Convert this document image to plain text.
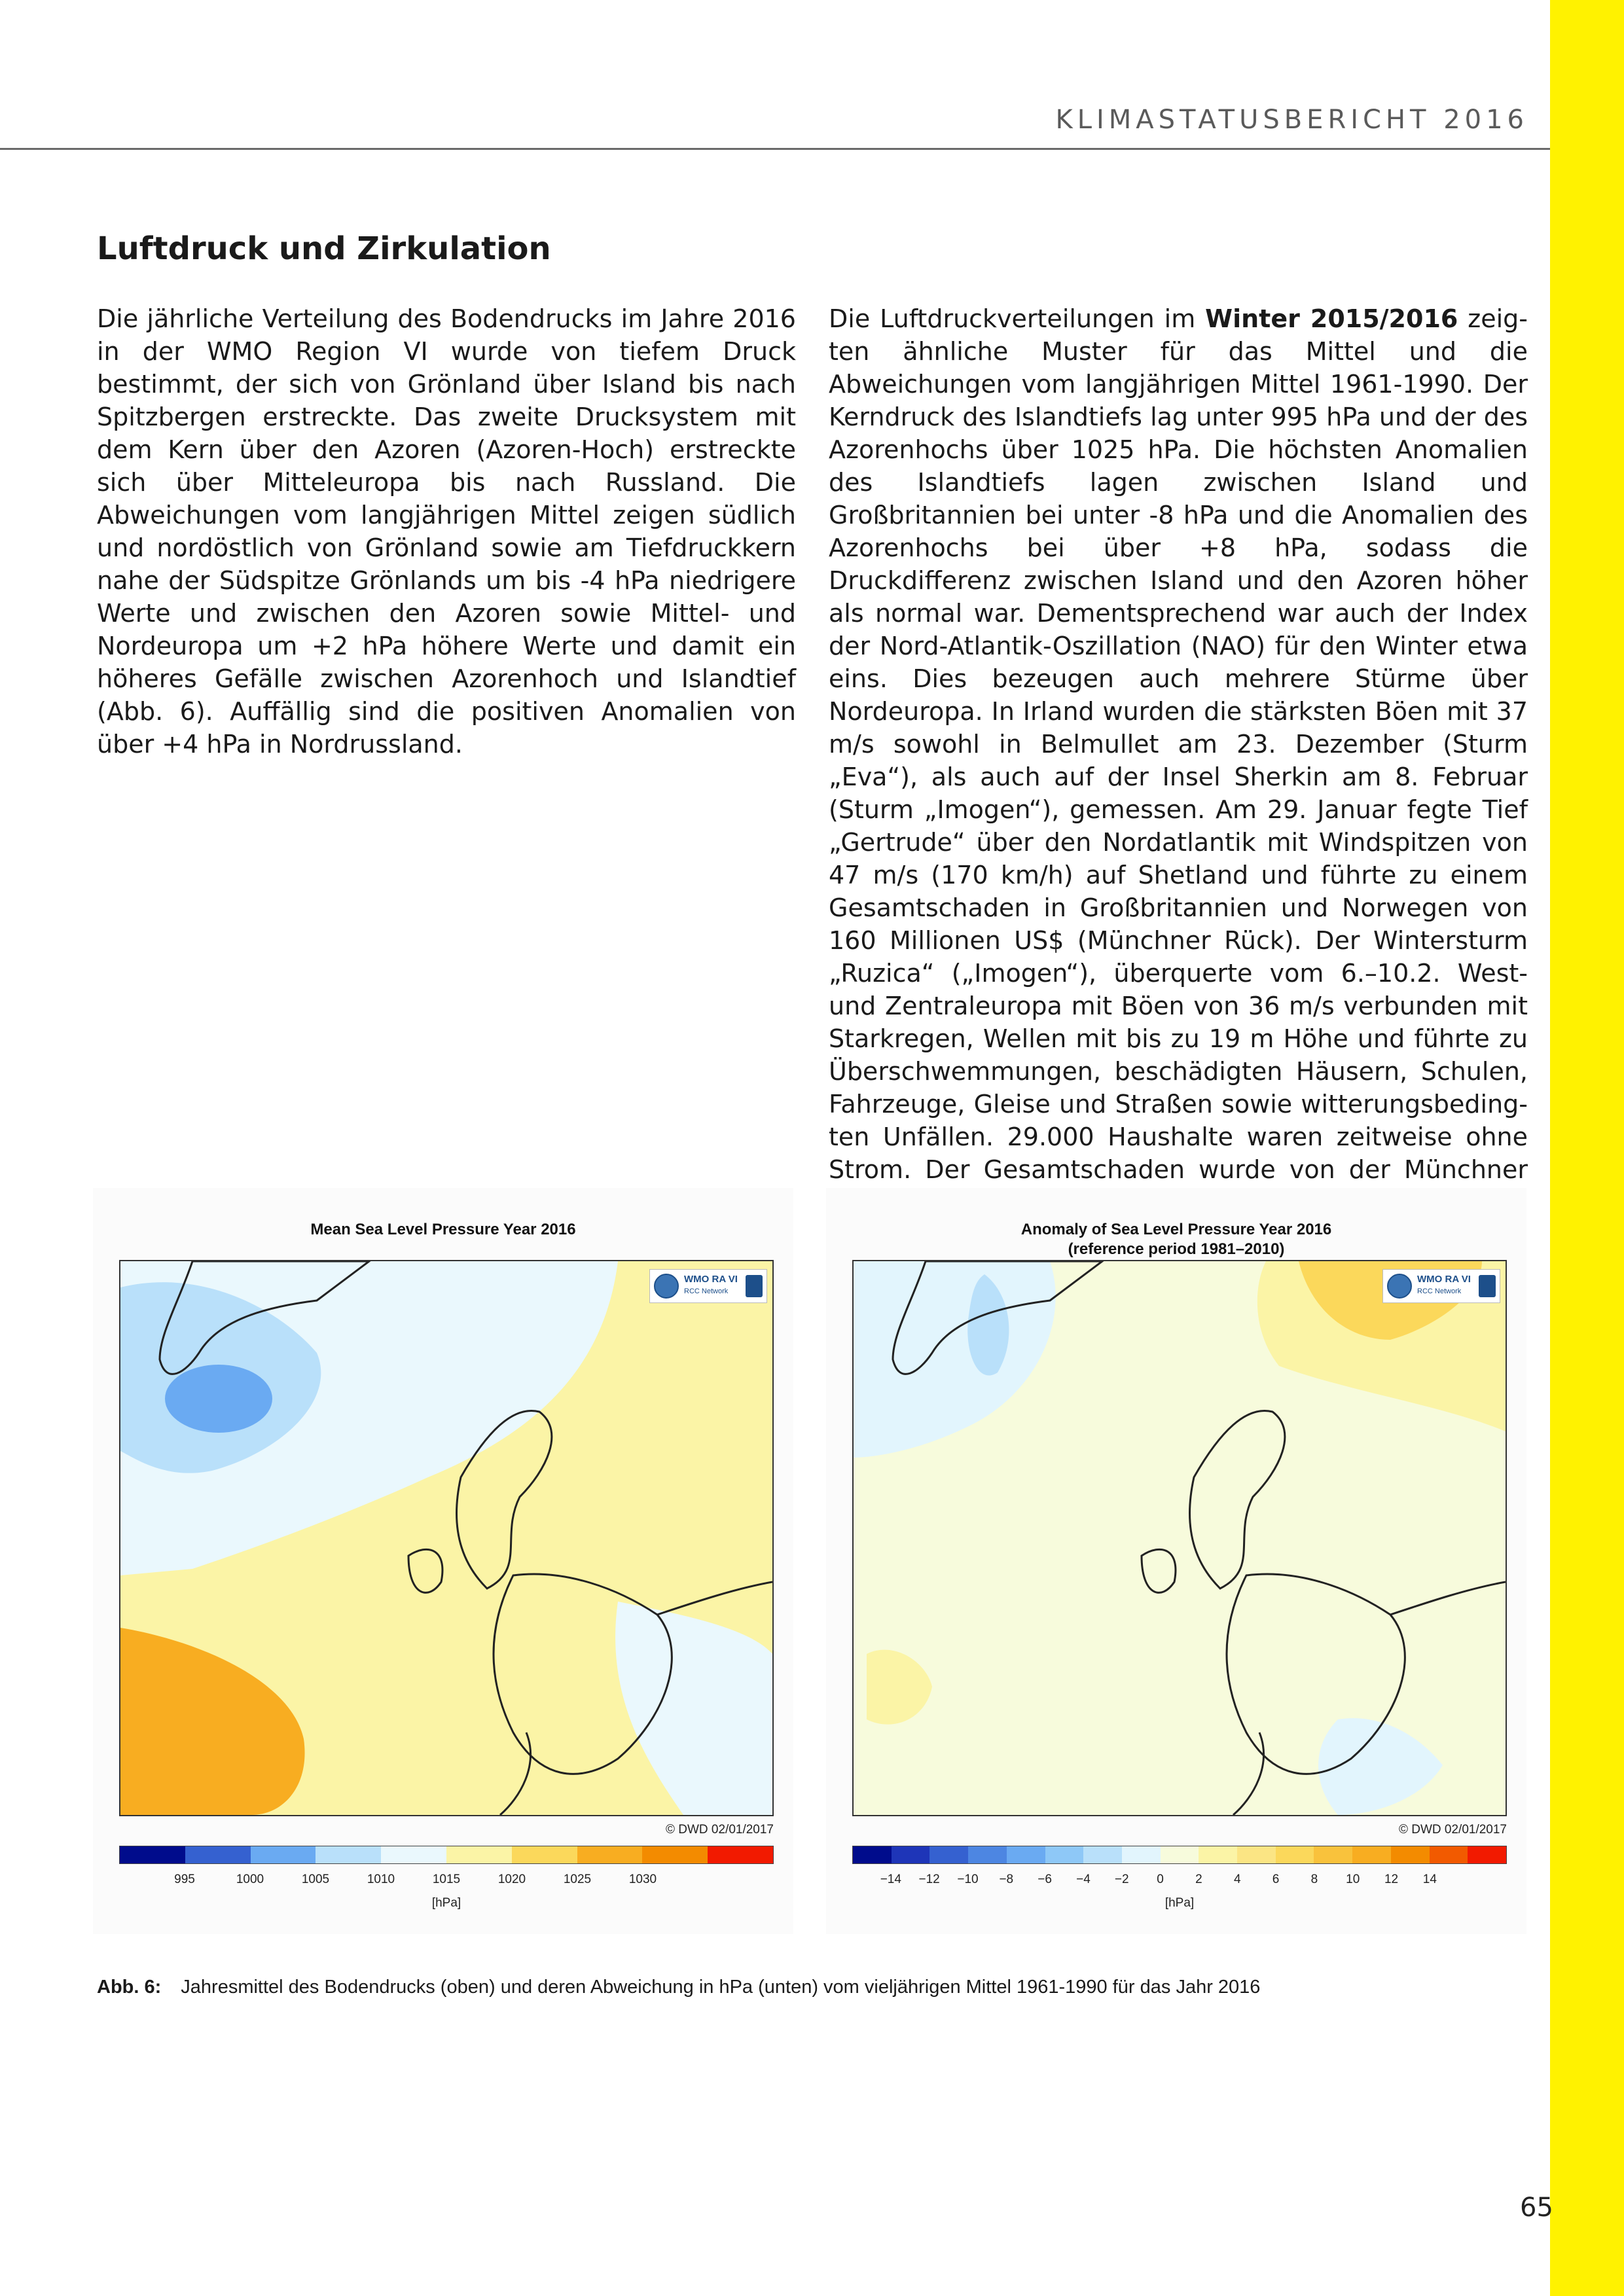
KLIMASTATUSBERICHT 2016
Luftdruck und Zirkulation

Die jährliche Verteilung des Bodendrucks im Jahre 2016 in der WMO Region VI wurde von tiefem Druck bestimmt, der sich von Grönland über Island bis nach Spitzbergen erstreckte. Das zweite Drucksystem mit dem Kern über den Azoren (Azoren-Hoch) erstreckte sich über Mitteleuropa bis nach Russland. Die Abweichungen vom langjährigen Mittel zeigen südlich und nordöstlich von Grönland sowie am Tiefdruckkern nahe der Südspitze Grönlands um bis -4 hPa niedrigere Werte und zwischen den Azoren sowie Mittel- und Nordeuropa um +2 hPa höhere Werte und damit ein höheres Gefälle zwischen Azorenhoch und Islandtief (Abb. 6). Auffällig sind die positiven Anomalien von über +4 hPa in Nordrussland.

Die Luftdruckverteilungen im Winter 2015/2016 zeigten ähnliche Muster für das Mittel und die Abweichungen vom langjährigen Mittel 1961-1990. Der Kerndruck des Islandtiefs lag unter 995 hPa und der des Azorenhochs über 1025 hPa. Die höchsten Anomalien des Islandtiefs lagen zwischen Island und Großbritannien bei unter -8 hPa und die Anomalien des Azorenhochs bei über +8 hPa, sodass die Druckdifferenz zwischen Island und den Azoren höher als normal war. Dementsprechend war auch der Index der Nord-Atlantik-Oszillation (NAO) für den Winter etwa eins. Dies bezeugen auch mehrere Stürme über Nordeuropa. In Irland wurden die stärksten Böen mit 37 m/s sowohl in Belmullet am 23. Dezember (Sturm „Eva“), als auch auf der Insel Sherkin am 8. Februar (Sturm „Imogen“), gemessen. Am 29. Januar fegte Tief „Gertrude“ über den Nordatlantik mit Windspitzen von 47 m/s (170 km/h) auf Shetland und führte zu einem Gesamtschaden in Großbritannien und Norwegen von 160 Millionen US$ (Münchner Rück). Der Wintersturm „Ruzica“ („Imogen“), überquerte vom 6.–10.2. West- und Zentraleuropa mit Böen von 36 m/s verbunden mit Starkregen, Wellen mit bis zu 19 m Höhe und führte zu Überschwemmungen, beschädigten Häusern, Schulen, Fahrzeuge, Gleise und Straßen sowie witterungsbedingten Unfällen. 29.000 Haushalte waren zeitweise ohne Strom. Der Gesamtschaden wurde von der Münchner

Mean Sea Level Pressure Year 2016
WMO RA VI
RCC Network
© DWD 02/01/2017
995	1000	1005	1010	1015	1020	1025	1030
[hPa]
Anomaly of Sea Level Pressure Year 2016
(reference period 1981–2010)
WMO RA VI
RCC Network
© DWD 02/01/2017
−14 −12 −10 −8 −6 −4 −2 0	2	4	6	8 10 12 14
[hPa]
Abb. 6: Jahresmittel des Bodendrucks (oben) und deren Abweichung in hPa (unten) vom vieljährigen Mittel 1961-1990 für das Jahr 2016
65
